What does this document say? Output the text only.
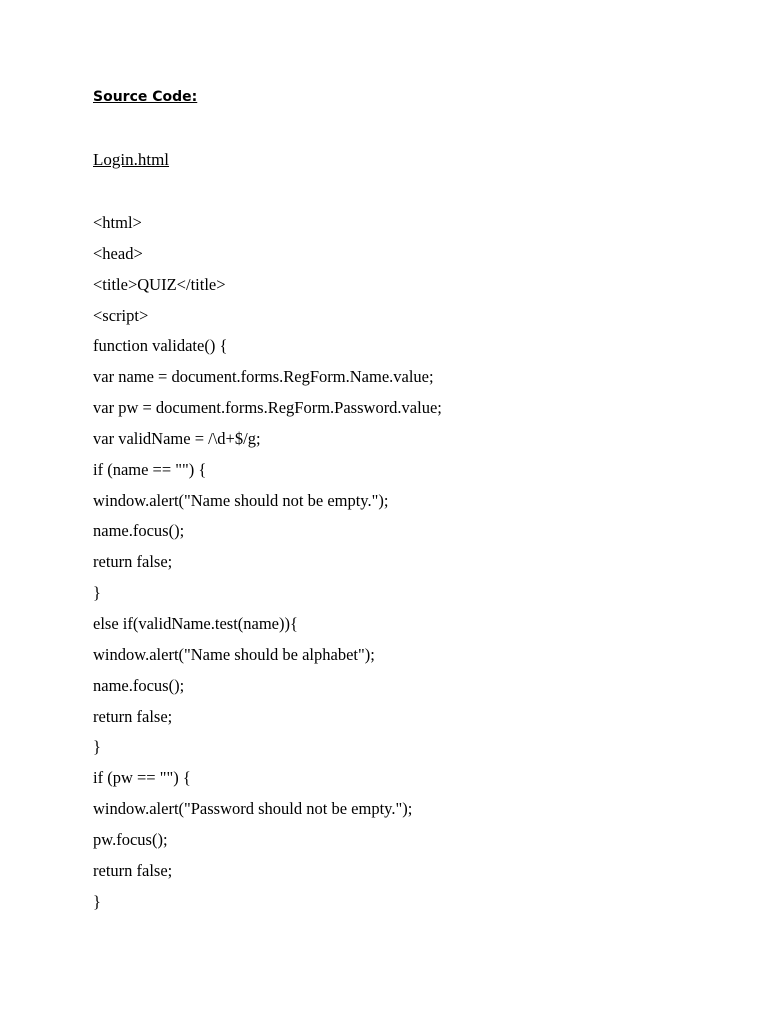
Source Code:
Login.html
<html>
<head>
<title>QUIZ</title>
<script>
function validate() {
var name = document.forms.RegForm.Name.value;
var pw = document.forms.RegForm.Password.value;
var validName = /\d+$/g;
if (name == "") {
window.alert("Name should not be empty.");
name.focus();
return false;
}
else if(validName.test(name)){
window.alert("Name should be alphabet");
name.focus();
return false;
}
if (pw == "") {
window.alert("Password should not be empty.");
pw.focus();
return false;
}
